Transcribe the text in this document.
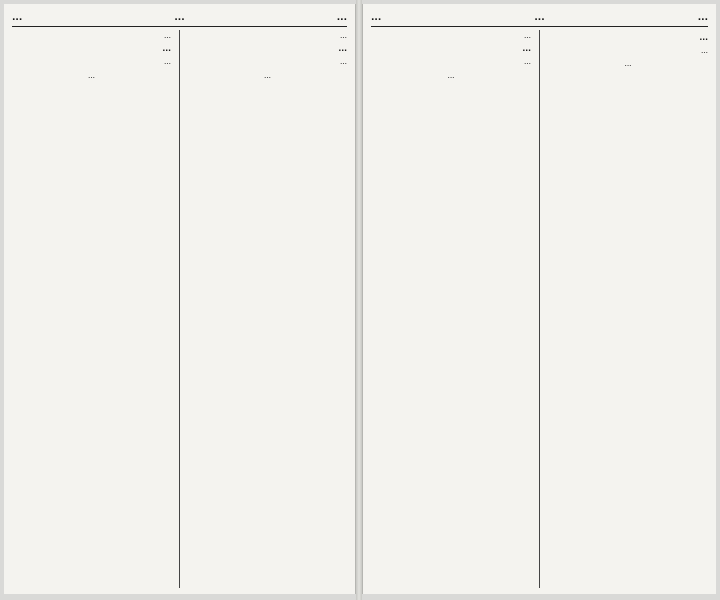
...
...
...

...

...

...

...

...

...

...

...

...
...
...
...

...

...

...

...

...

...
